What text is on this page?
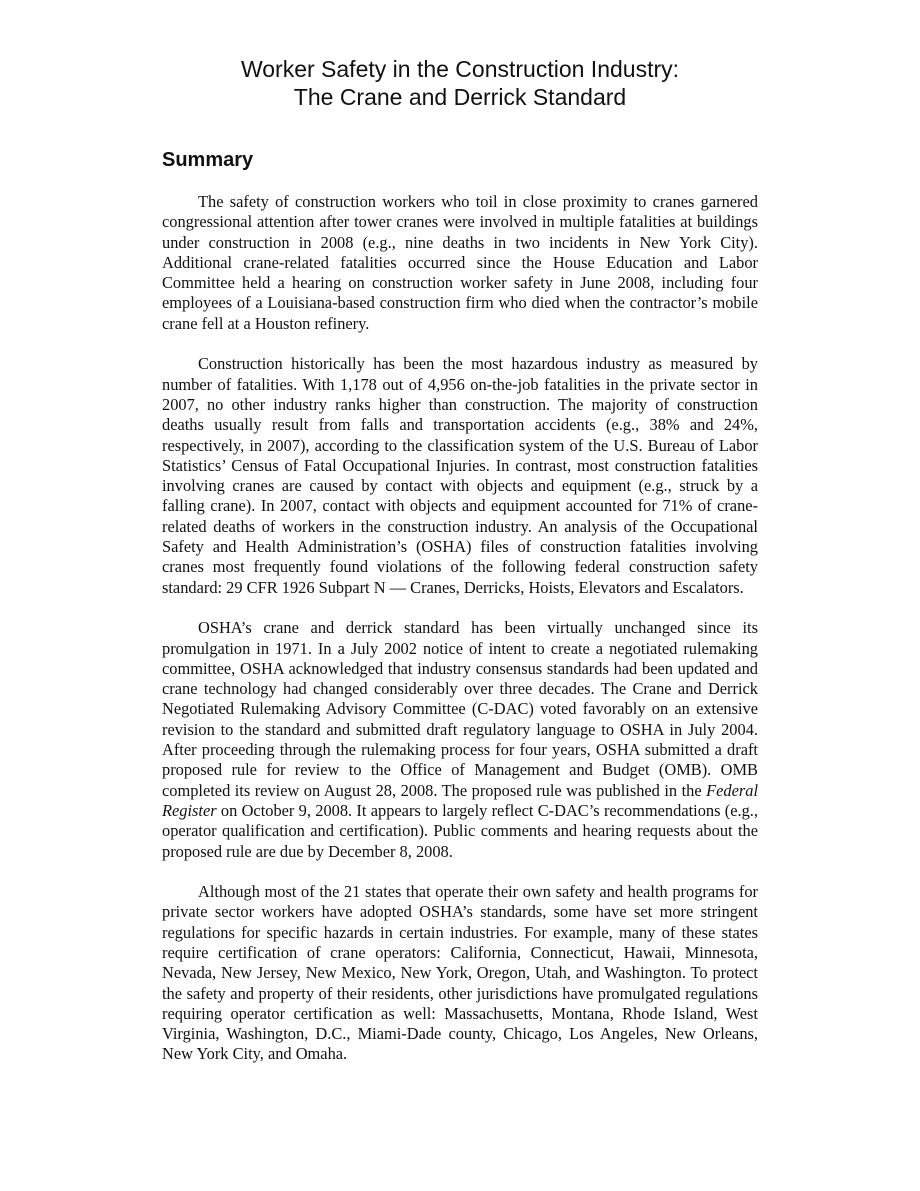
Worker Safety in the Construction Industry:
The Crane and Derrick Standard
Summary

The safety of construction workers who toil in close proximity to cranes garnered congressional attention after tower cranes were involved in multiple fatalities at buildings under construction in 2008 (e.g., nine deaths in two incidents in New York City). Additional crane-related fatalities occurred since the House Education and Labor Committee held a hearing on construction worker safety in June 2008, including four employees of a Louisiana-based construction firm who died when the contractor’s mobile crane fell at a Houston refinery.

Construction historically has been the most hazardous industry as measured by number of fatalities. With 1,178 out of 4,956 on-the-job fatalities in the private sector in 2007, no other industry ranks higher than construction. The majority of construction deaths usually result from falls and transportation accidents (e.g., 38% and 24%, respectively, in 2007), according to the classification system of the U.S. Bureau of Labor Statistics’ Census of Fatal Occupational Injuries. In contrast, most construction fatalities involving cranes are caused by contact with objects and equipment (e.g., struck by a falling crane). In 2007, contact with objects and equipment accounted for 71% of crane-related deaths of workers in the construction industry. An analysis of the Occupational Safety and Health Administration’s (OSHA) files of construction fatalities involving cranes most frequently found violations of the following federal construction safety standard: 29 CFR 1926 Subpart N — Cranes, Derricks, Hoists, Elevators and Escalators.

OSHA’s crane and derrick standard has been virtually unchanged since its promulgation in 1971. In a July 2002 notice of intent to create a negotiated rulemaking committee, OSHA acknowledged that industry consensus standards had been updated and crane technology had changed considerably over three decades. The Crane and Derrick Negotiated Rulemaking Advisory Committee (C-DAC) voted favorably on an extensive revision to the standard and submitted draft regulatory language to OSHA in July 2004. After proceeding through the rulemaking process for four years, OSHA submitted a draft proposed rule for review to the Office of Management and Budget (OMB). OMB completed its review on August 28, 2008. The proposed rule was published in the Federal Register on October 9, 2008. It appears to largely reflect C-DAC’s recommendations (e.g., operator qualification and certification). Public comments and hearing requests about the proposed rule are due by December 8, 2008.

Although most of the 21 states that operate their own safety and health programs for private sector workers have adopted OSHA’s standards, some have set more stringent regulations for specific hazards in certain industries. For example, many of these states require certification of crane operators: California, Connecticut, Hawaii, Minnesota, Nevada, New Jersey, New Mexico, New York, Oregon, Utah, and Washington. To protect the safety and property of their residents, other jurisdictions have promulgated regulations requiring operator certification as well: Massachusetts, Montana, Rhode Island, West Virginia, Washington, D.C., Miami-Dade county, Chicago, Los Angeles, New Orleans, New York City, and Omaha.
